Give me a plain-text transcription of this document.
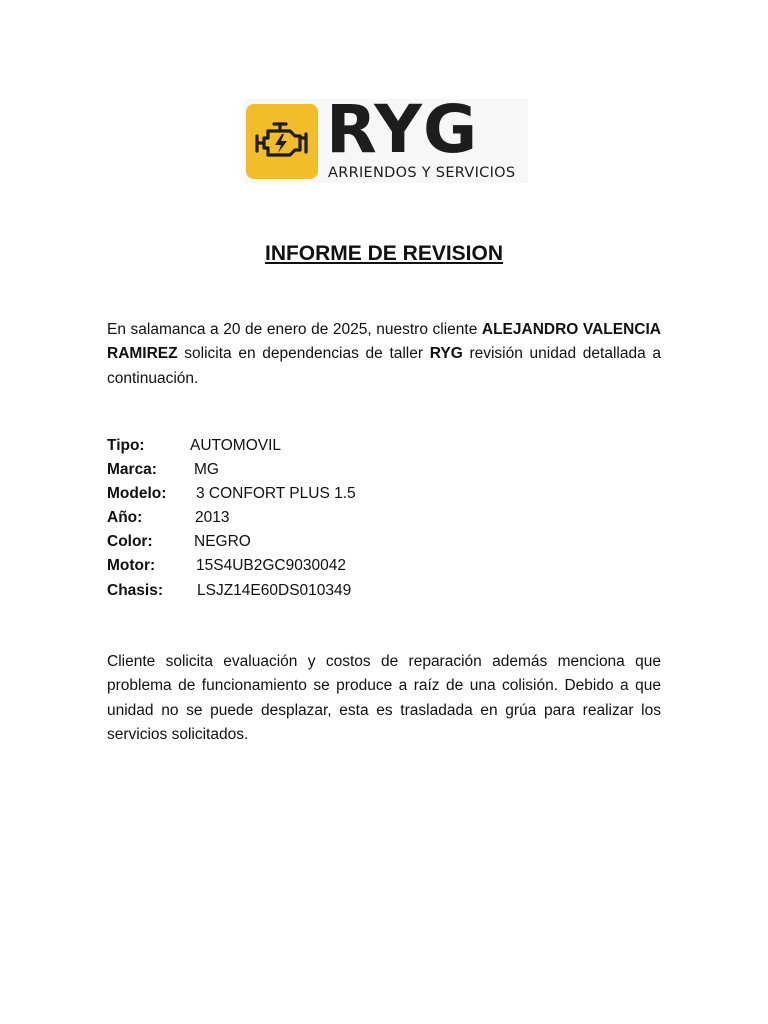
RYG
ARRIENDOS Y SERVICIOS
INFORME DE REVISION
En salamanca a 20 de enero de 2025, nuestro cliente ALEJANDRO VALENCIA RAMIREZ solicita en dependencias de taller RYG revisión unidad detallada a continuación.
Tipo:	AUTOMOVIL
Marca: MG
Modelo: 3 CONFORT PLUS 1.5
Año:	2013
Color:	NEGRO
Motor:	15S4UB2GC9030042
Chasis: LSJZ14E60DS010349
Cliente solicita evaluación y costos de reparación además menciona que problema de funcionamiento se produce a raíz de una colisión. Debido a que unidad no se puede desplazar, esta es trasladada en grúa para realizar los servicios solicitados.
